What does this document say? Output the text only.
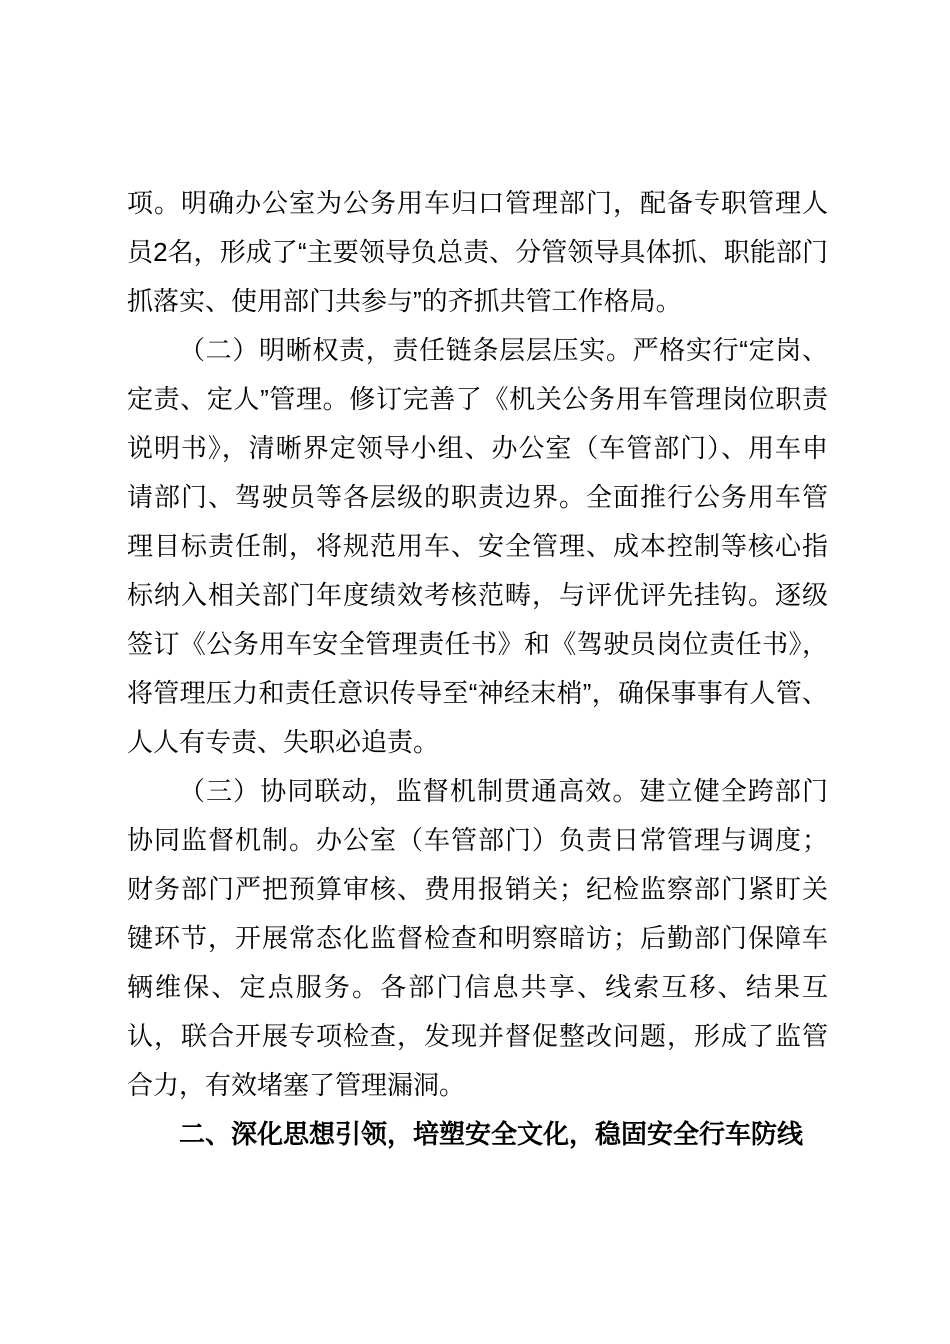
项。明确办公室为公务用车归口管理部门，配备专职管理人员2名，形成了“主要领导负总责、分管领导具体抓、职能部门抓落实、使用部门共参与”的齐抓共管工作格局。

（二）明晰权责，责任链条层层压实。严格实行“定岗、定责、定人”管理。修订完善了《机关公务用车管理岗位职责说明书》，清晰界定领导小组、办公室（车管部门）、用车申请部门、驾驶员等各层级的职责边界。全面推行公务用车管理目标责任制，将规范用车、安全管理、成本控制等核心指标纳入相关部门年度绩效考核范畴，与评优评先挂钩。逐级签订《公务用车安全管理责任书》和《驾驶员岗位责任书》，将管理压力和责任意识传导至“神经末梢”，确保事事有人管、人人有专责、失职必追责。

（三）协同联动，监督机制贯通高效。建立健全跨部门协同监督机制。办公室（车管部门）负责日常管理与调度；财务部门严把预算审核、费用报销关；纪检监察部门紧盯关键环节，开展常态化监督检查和明察暗访；后勤部门保障车辆维保、定点服务。各部门信息共享、线索互移、结果互认，联合开展专项检查，发现并督促整改问题，形成了监管合力，有效堵塞了管理漏洞。

二、深化思想引领，培塑安全文化，稳固安全行车防线
